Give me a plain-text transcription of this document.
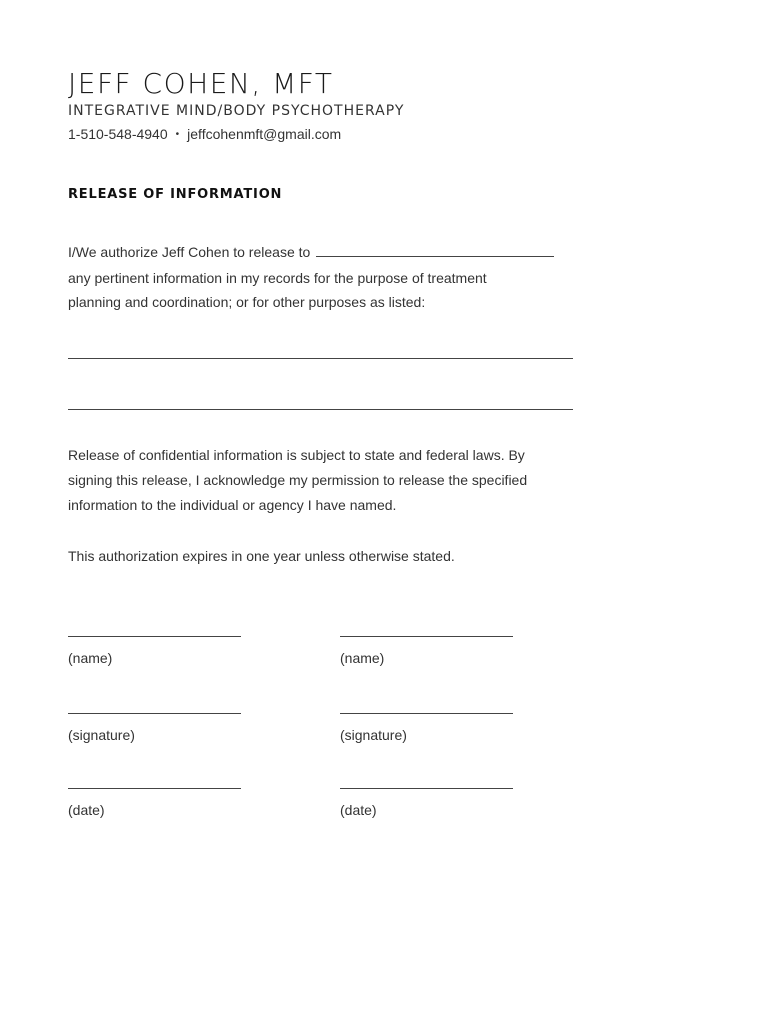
JEFF COHEN, MFT
INTEGRATIVE MIND/BODY PSYCHOTHERAPY
1-510-548-4940 • jeffcohenmft@gmail.com
RELEASE OF INFORMATION
I/We authorize Jeff Cohen to release to
any pertinent information in my records for the purpose of treatment
planning and coordination; or for other purposes as listed:
Release of confidential information is subject to state and federal laws. By
signing this release, I acknowledge my permission to release the specified
information to the individual or agency I have named.
This authorization expires in one year unless otherwise stated.
(name)
(signature)
(date)
(name)
(signature)
(date)
